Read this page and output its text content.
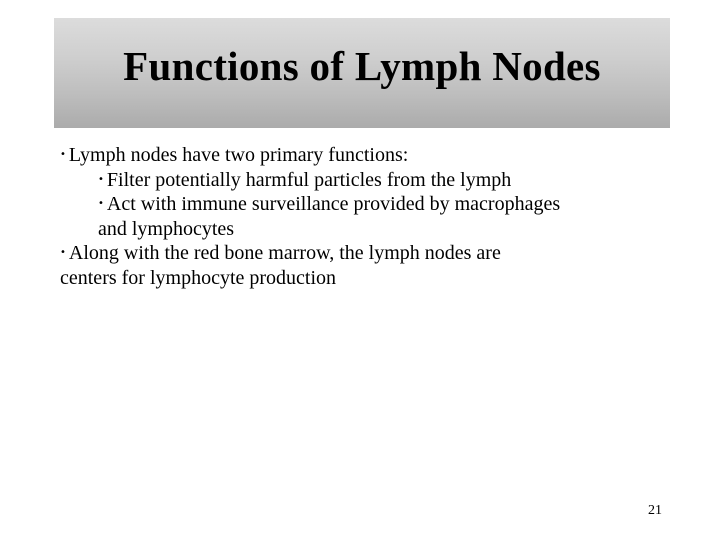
Functions of Lymph Nodes
• Lymph nodes have two primary functions:
• Filter potentially harmful particles from the lymph
• Act with immune surveillance provided by macrophages
and lymphocytes
• Along with the red bone marrow, the lymph nodes are
centers for lymphocyte production
21
